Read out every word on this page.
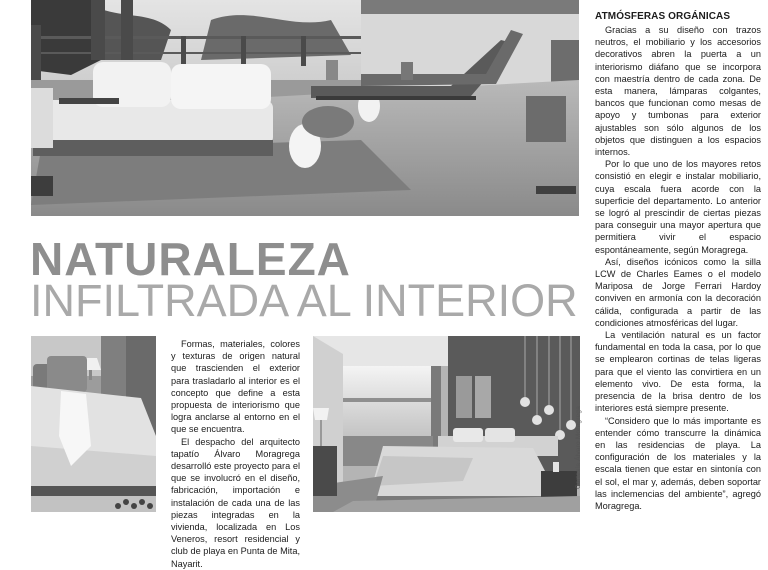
ATMÓSFERAS ORGÁNICAS

Gracias a su diseño con trazos neutros, el mobiliario y los accesorios decorativos abren la puerta a un interiorismo diáfano que se incorpora con maestría dentro de cada zona. De esta manera, lámparas colgantes, bancos que funcionan como mesas de apoyo y tumbonas para exterior ajustables son sólo algunos de los objetos que distinguen a los espacios internos.

Por lo que uno de los mayores retos consistió en elegir e instalar mobiliario, cuya escala fuera acorde con la superficie del departamento. Lo anterior se logró al prescindir de ciertas piezas para conseguir una mayor apertura que permitiera vivir el espacio espontáneamente, según Moragrega.

Así, diseños icónicos como la silla LCW de Charles Eames o el modelo Mariposa de Jorge Ferrari Hardoy conviven en armonía con la decoración cálida, configurada a partir de las condiciones atmosféricas del lugar.

La ventilación natural es un factor fundamental en toda la casa, por lo que se emplearon cortinas de telas ligeras para que el viento las convirtiera en un elemento vivo. De esta forma, la presencia de la brisa dentro de los interiores está siempre presente.

“Considero que lo más importante es entender cómo transcurre la dinámica en las residencias de playa. La configuración de los materiales y la escala tienen que estar en sintonía con el sol, el mar y, además, deben soportar las inclemencias del ambiente”, agregó Moragrega.

NATURALEZA
INFILTRADA AL INTERIOR

Formas, materiales, colores y texturas de origen natural que trascienden el exterior para trasladarlo al interior es el concepto que define a esta propuesta de interiorismo que logra anclarse al entorno en el que se encuentra.

El despacho del arquitecto tapatío Álvaro Moragrega desarrolló este proyecto para el que se involucró en el diseño, fabricación, importación e instalación de cada una de las piezas integradas en la vivienda, localizada en Los Veneros, resort residencial y club de playa en Punta de Mita, Nayarit.

Cortesía Álvaro Moragrega
